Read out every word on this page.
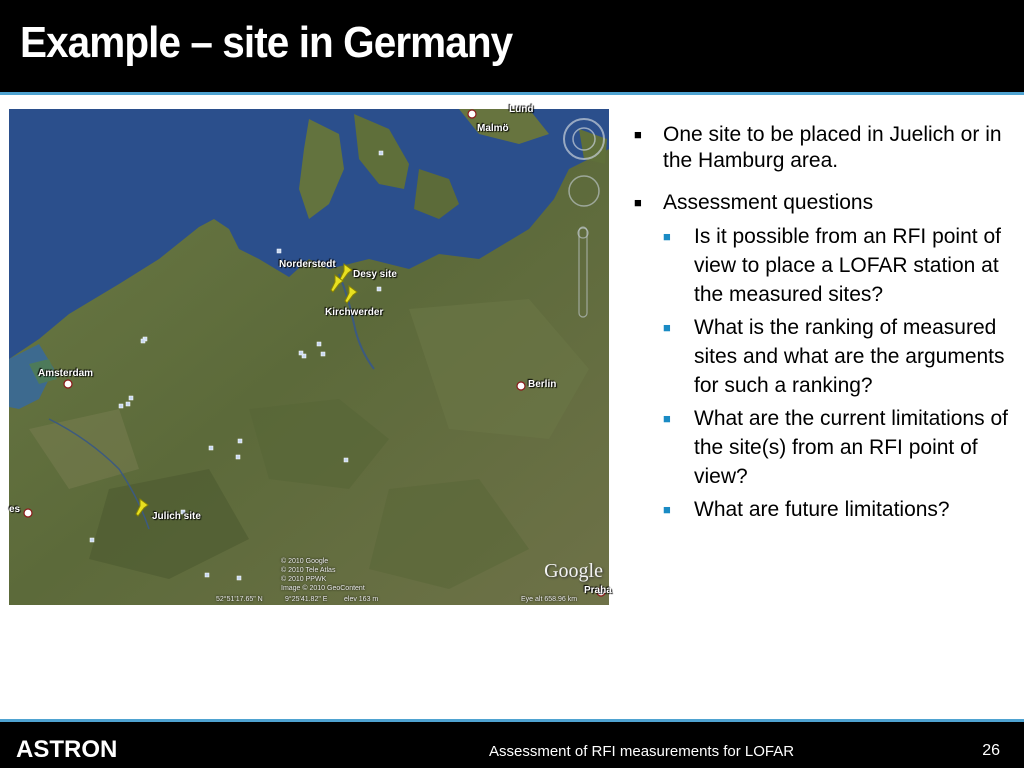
Example – site in Germany
Malmö
Lund
Norderstedt
Desy site
Kirchwerder
Amsterdam
Berlin
Julich site
es
Praha
© 2010 Google
© 2010 Tele Atlas
© 2010 PPWK
Image © 2010 GeoContent
52°51'17.65" N	9°25'41.82" E elev 163 m	Eye alt 658.96 km
Google
■ One site to be placed in Juelich or in the Hamburg area.
■ Assessment questions
■ Is it possible from an RFI point of view to place a LOFAR station at the measured sites?
■ What is the ranking of measured sites and what are the arguments for such a ranking?
■ What are the current limitations of the site(s) from an RFI point of view?
■ What are future limitations?
ASTRON	Assessment of RFI measurements for LOFAR	26
